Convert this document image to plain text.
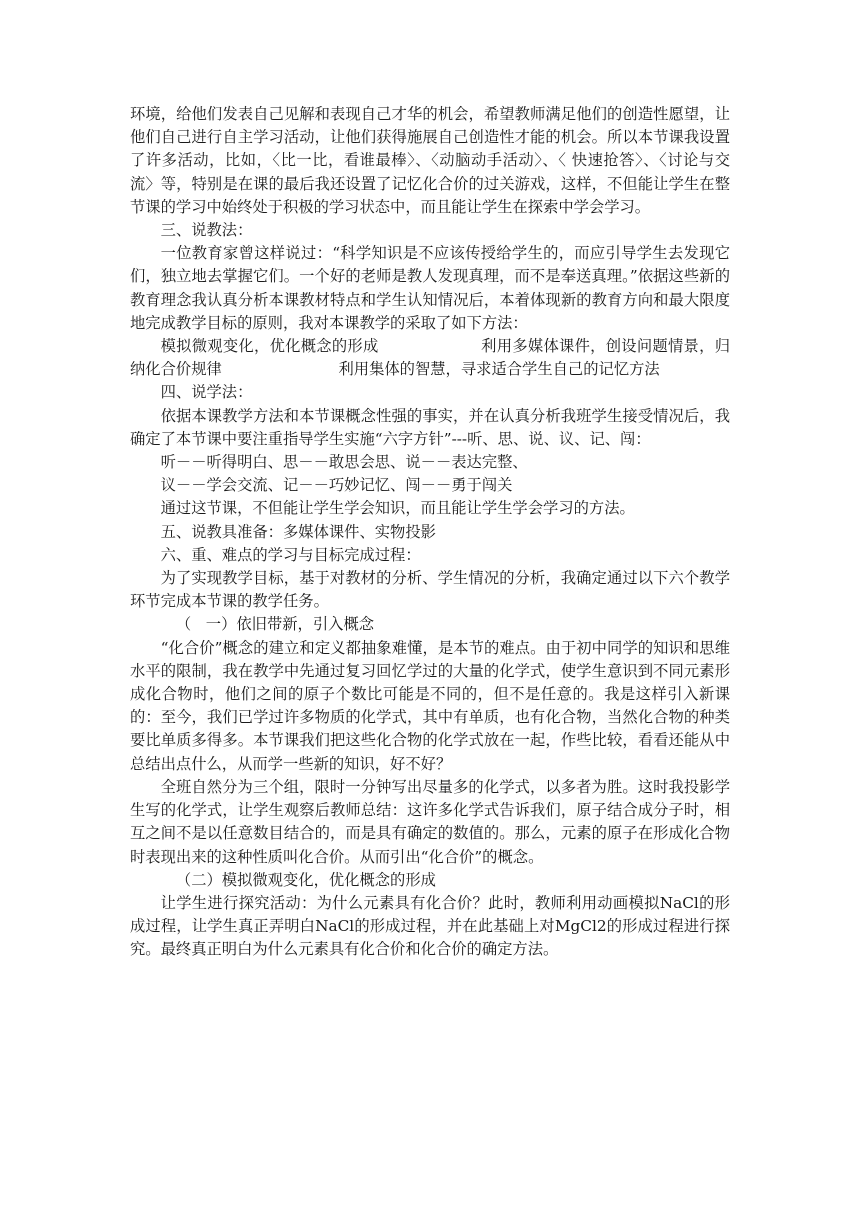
环境，给他们发表自己见解和表现自己才华的机会，希望教师满足他们的创造性愿望，让他们自己进行自主学习活动，让他们获得施展自己创造性才能的机会。所以本节课我设置了许多活动，比如，〈比一比，看谁最棒〉、〈动脑动手活动〉、〈 快速抢答〉、〈讨论与交流〉等，特别是在课的最后我还设置了记忆化合价的过关游戏，这样，不但能让学生在整节课的学习中始终处于积极的学习状态中，而且能让学生在探索中学会学习。

三、说教法：

一位教育家曾这样说过：“科学知识是不应该传授给学生的，而应引导学生去发现它们，独立地去掌握它们。一个好的老师是教人发现真理，而不是奉送真理。”依据这些新的教育理念我认真分析本课教材特点和学生认知情况后，本着体现新的教育方向和最大限度地完成教学目标的原则，我对本课教学的采取了如下方法：

模拟微观变化，优化概念的形成                    利用多媒体课件，创设问题情景，归纳化合价规律                        利用集体的智慧，寻求适合学生自己的记忆方法

四、说学法：

依据本课教学方法和本节课概念性强的事实，并在认真分析我班学生接受情况后，我确定了本节课中要注重指导学生实施“六字方针”---听、思、说、议、记、闯：

听－－听得明白、思－－敢思会思、说－－表达完整、

议－－学会交流、记－－巧妙记忆、闯－－勇于闯关

通过这节课，不但能让学生学会知识，而且能让学生学会学习的方法。

五、说教具准备：多媒体课件、实物投影

六、重、难点的学习与目标完成过程：

为了实现教学目标，基于对教材的分析、学生情况的分析，我确定通过以下六个教学环节完成本节课的教学任务。

（   一）依旧带新，引入概念

“化合价”概念的建立和定义都抽象难懂，是本节的难点。由于初中同学的知识和思维水平的限制，我在教学中先通过复习回忆学过的大量的化学式，使学生意识到不同元素形成化合物时，他们之间的原子个数比可能是不同的，但不是任意的。我是这样引入新课的：至今，我们已学过许多物质的化学式，其中有单质，也有化合物，当然化合物的种类要比单质多得多。本节课我们把这些化合物的化学式放在一起，作些比较，看看还能从中总结出点什么，从而学一些新的知识，好不好？

全班自然分为三个组，限时一分钟写出尽量多的化学式，以多者为胜。这时我投影学生写的化学式，让学生观察后教师总结：这许多化学式告诉我们，原子结合成分子时，相互之间不是以任意数目结合的，而是具有确定的数值的。那么，元素的原子在形成化合物时表现出来的这种性质叫化合价。从而引出“化合价”的概念。

（二）模拟微观变化，优化概念的形成

让学生进行探究活动：为什么元素具有化合价？此时，教师利用动画模拟NaCl的形成过程，让学生真正弄明白NaCl的形成过程，并在此基础上对MgCl2的形成过程进行探究。最终真正明白为什么元素具有化合价和化合价的确定方法。
